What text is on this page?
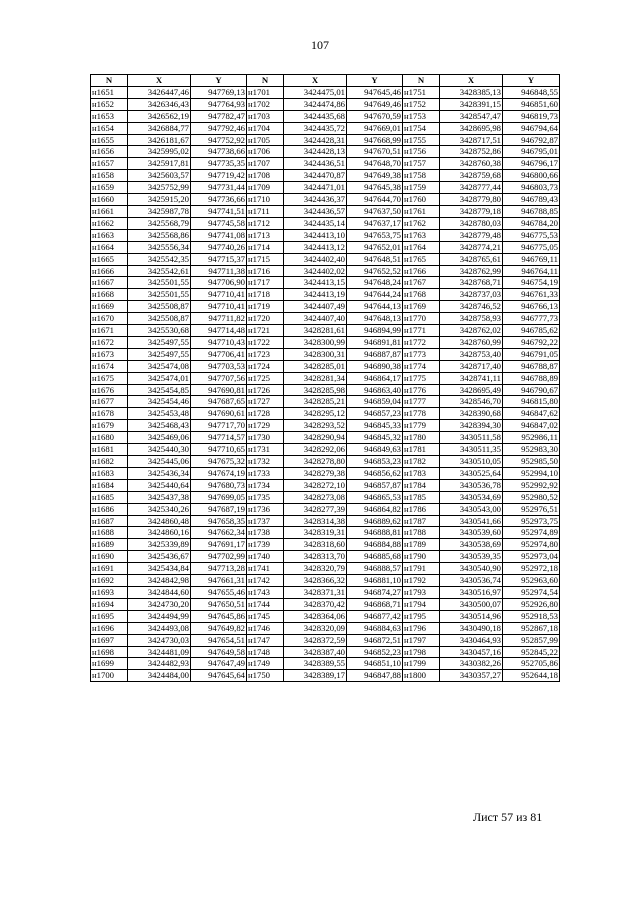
107
N	X	Y	N	X	Y	N	X	Y
н1651	3426447,46	947769,13	н1701	3424475,01	947645,46	н1751	3428385,13	946848,55
н1652	3426346,43	947764,93	н1702	3424474,86	947649,46	н1752	3428391,15	946851,60
н1653	3426562,19	947782,47	н1703	3424435,68	947670,59	н1753	3428547,47	946819,73
н1654	3426884,77	947792,46	н1704	3424435,72	947669,01	н1754	3428695,98	946794,64
н1655	3426181,67	947752,92	н1705	3424428,31	947668,99	н1755	3428717,51	946792,87
н1656	3425995,02	947738,66	н1706	3424428,13	947670,51	н1756	3428752,86	946795,01
н1657	3425917,81	947735,35	н1707	3424436,51	947648,70	н1757	3428760,38	946796,17
н1658	3425603,57	947719,42	н1708	3424470,87	947649,38	н1758	3428759,68	946800,66
н1659	3425752,99	947731,44	н1709	3424471,01	947645,38	н1759	3428777,44	946803,73
н1660	3425915,20	947736,66	н1710	3424436,37	947644,70	н1760	3428779,80	946789,43
н1661	3425987,78	947741,51	н1711	3424436,57	947637,50	н1761	3428779,18	946788,85
н1662	3425568,79	947745,58	н1712	3424435,14	947637,17	н1762	3428780,03	946784,20
н1663	3425568,86	947741,08	н1713	3424413,10	947653,75	н1763	3428779,48	946775,53
н1664	3425556,34	947740,26	н1714	3424413,12	947652,01	н1764	3428774,21	946775,05
н1665	3425542,35	947715,37	н1715	3424402,40	947648,51	н1765	3428765,61	946769,11
н1666	3425542,61	947711,38	н1716	3424402,02	947652,52	н1766	3428762,99	946764,11
н1667	3425501,55	947706,90	н1717	3424413,15	947648,24	н1767	3428768,71	946754,19
н1668	3425501,55	947710,41	н1718	3424413,19	947644,24	н1768	3428737,03	946761,33
н1669	3425508,87	947710,41	н1719	3424407,49	947644,13	н1769	3428746,52	946766,13
н1670	3425508,87	947711,82	н1720	3424407,40	947648,13	н1770	3428758,93	946777,73
н1671	3425530,68	947714,48	н1721	3428281,61	946894,99	н1771	3428762,02	946785,62
н1672	3425497,55	947710,43	н1722	3428300,99	946891,81	н1772	3428760,99	946792,22
н1673	3425497,55	947706,41	н1723	3428300,31	946887,87	н1773	3428753,40	946791,05
н1674	3425474,08	947703,53	н1724	3428285,01	946890,38	н1774	3428717,40	946788,87
н1675	3425474,01	947707,56	н1725	3428281,34	946864,17	н1775	3428741,11	946788,89
н1676	3425454,85	947690,81	н1726	3428285,98	946863,40	н1776	3428695,49	946790,67
н1677	3425454,46	947687,65	н1727	3428285,21	946859,04	н1777	3428546,70	946815,80
н1678	3425453,48	947690,61	н1728	3428295,12	946857,23	н1778	3428390,68	946847,62
н1679	3425468,43	947717,70	н1729	3428293,52	946845,33	н1779	3428394,30	946847,02
н1680	3425469,06	947714,57	н1730	3428290,94	946845,32	н1780	3430511,58	952986,11
н1681	3425440,30	947710,65	н1731	3428292,06	946849,63	н1781	3430511,35	952983,30
н1682	3425445,06	947675,32	н1732	3428278,80	946853,23	н1782	3430510,05	952985,50
н1683	3425436,34	947674,19	н1733	3428279,38	946856,62	н1783	3430525,64	952994,10
н1684	3425440,64	947680,73	н1734	3428272,10	946857,87	н1784	3430536,78	952992,92
н1685	3425437,38	947699,05	н1735	3428273,08	946865,53	н1785	3430534,69	952980,52
н1686	3425340,26	947687,19	н1736	3428277,39	946864,82	н1786	3430543,00	952976,51
н1687	3424860,48	947658,35	н1737	3428314,38	946889,62	н1787	3430541,66	952973,75
н1688	3424860,16	947662,34	н1738	3428319,31	946888,81	н1788	3430539,60	952974,89
н1689	3425339,89	947691,17	н1739	3428318,60	946884,88	н1789	3430538,69	952974,80
н1690	3425436,67	947702,99	н1740	3428313,70	946885,68	н1790	3430539,35	952973,04
н1691	3425434,84	947713,28	н1741	3428320,79	946888,57	н1791	3430540,90	952972,18
н1692	3424842,98	947661,31	н1742	3428366,32	946881,10	н1792	3430536,74	952963,60
н1693	3424844,60	947655,46	н1743	3428371,31	946874,27	н1793	3430516,97	952974,54
н1694	3424730,20	947650,51	н1744	3428370,42	946868,71	н1794	3430500,07	952926,80
н1695	3424494,99	947645,86	н1745	3428364,06	946877,42	н1795	3430514,96	952918,53
н1696	3424493,08	947649,82	н1746	3428320,09	946884,63	н1796	3430490,18	952867,18
н1697	3424730,03	947654,51	н1747	3428372,59	946872,51	н1797	3430464,93	952857,99
н1698	3424481,09	947649,58	н1748	3428387,40	946852,23	н1798	3430457,16	952845,22
н1699	3424482,93	947647,49	н1749	3428389,55	946851,10	н1799	3430382,26	952705,86
н1700	3424484,00	947645,64	н1750	3428389,17	946847,88	н1800	3430357,27	952644,18
Лист 57 из 81
